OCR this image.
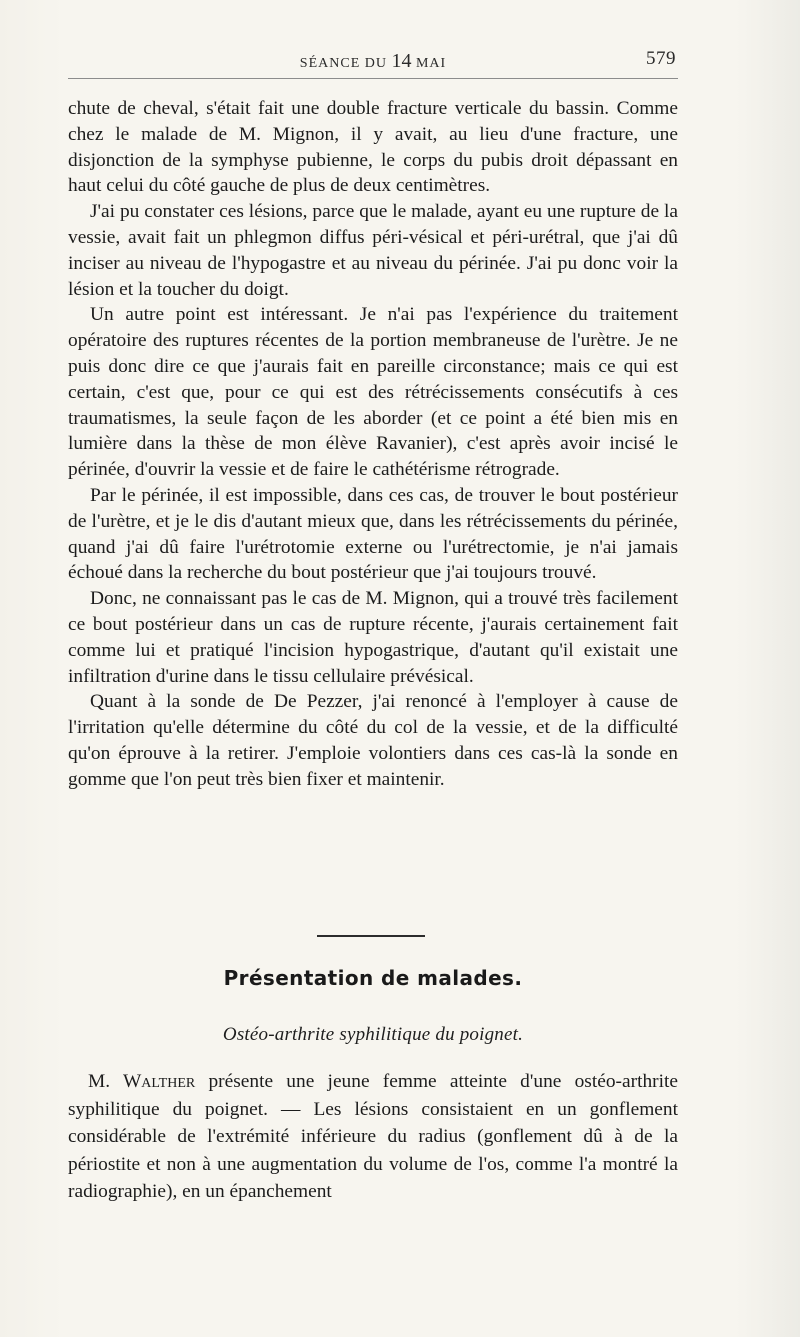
SÉANCE DU 14 MAI	579

chute de cheval, s'était fait une double fracture verticale du bassin. Comme chez le malade de M. Mignon, il y avait, au lieu d'une fracture, une disjonction de la symphyse pubienne, le corps du pubis droit dépassant en haut celui du côté gauche de plus de deux centimètres.

J'ai pu constater ces lésions, parce que le malade, ayant eu une rupture de la vessie, avait fait un phlegmon diffus péri-vésical et péri-urétral, que j'ai dû inciser au niveau de l'hypogastre et au niveau du périnée. J'ai pu donc voir la lésion et la toucher du doigt.

Un autre point est intéressant. Je n'ai pas l'expérience du traitement opératoire des ruptures récentes de la portion membraneuse de l'urètre. Je ne puis donc dire ce que j'aurais fait en pareille circonstance; mais ce qui est certain, c'est que, pour ce qui est des rétrécissements consécutifs à ces traumatismes, la seule façon de les aborder (et ce point a été bien mis en lumière dans la thèse de mon élève Ravanier), c'est après avoir incisé le périnée, d'ouvrir la vessie et de faire le cathétérisme rétrograde.

Par le périnée, il est impossible, dans ces cas, de trouver le bout postérieur de l'urètre, et je le dis d'autant mieux que, dans les rétrécissements du périnée, quand j'ai dû faire l'urétrotomie externe ou l'urétrectomie, je n'ai jamais échoué dans la recherche du bout postérieur que j'ai toujours trouvé.

Donc, ne connaissant pas le cas de M. Mignon, qui a trouvé très facilement ce bout postérieur dans un cas de rupture récente, j'aurais certainement fait comme lui et pratiqué l'incision hypogastrique, d'autant qu'il existait une infiltration d'urine dans le tissu cellulaire prévésical.

Quant à la sonde de De Pezzer, j'ai renoncé à l'employer à cause de l'irritation qu'elle détermine du côté du col de la vessie, et de la difficulté qu'on éprouve à la retirer. J'emploie volontiers dans ces cas-là la sonde en gomme que l'on peut très bien fixer et maintenir.

Présentation de malades.
Ostéo-arthrite syphilitique du poignet.

M. Walther présente une jeune femme atteinte d'une ostéo-arthrite syphilitique du poignet. — Les lésions consistaient en un gonflement considérable de l'extrémité inférieure du radius (gonflement dû à de la périostite et non à une augmentation du volume de l'os, comme l'a montré la radiographie), en un épanchement
